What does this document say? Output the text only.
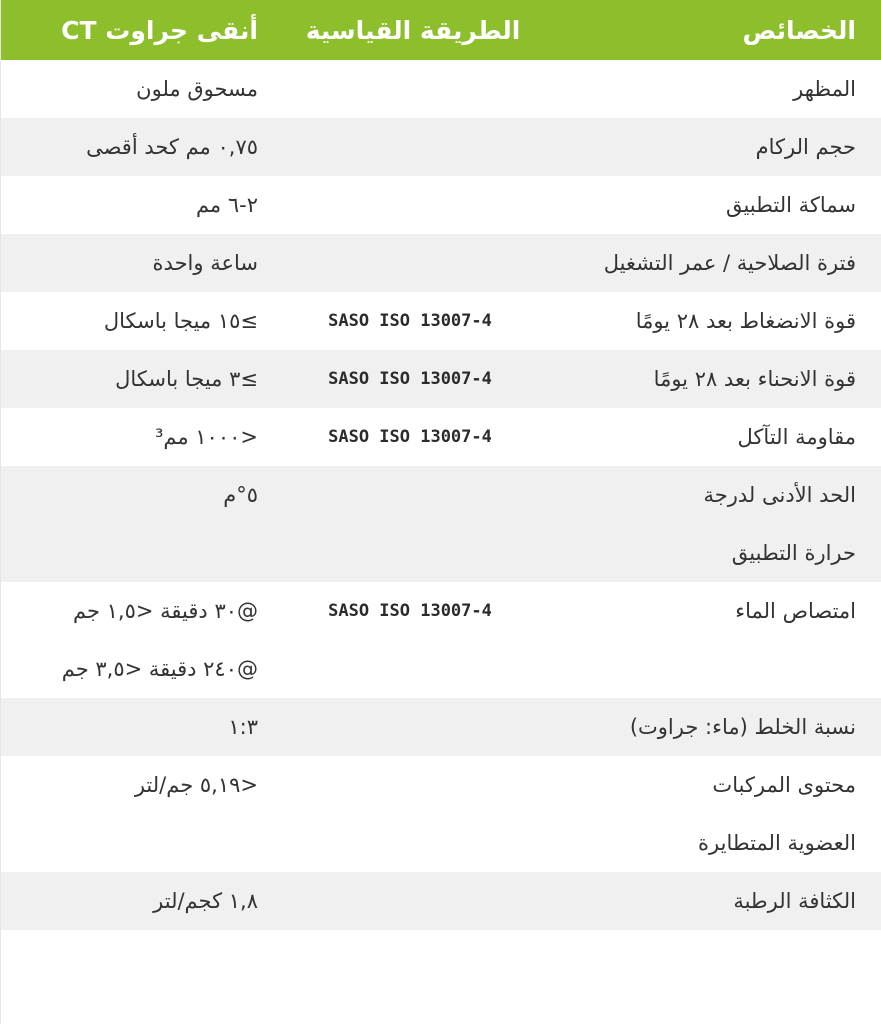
الخصائص	الطريقة القياسية	أنقى جراوت CT

المظهر		مسحوق ملون

حجم الركام		٠,٧٥ مم كحد أقصى

سماكة التطبيق		٢-٦ مم

فترة الصلاحية / عمر التشغيل		ساعة واحدة

قوة الانضغاط بعد ٢٨ يومًا	SASO ISO 13007-4	≥١٥ ميجا باسكال

قوة الانحناء بعد ٢٨ يومًا	SASO ISO 13007-4	≥٣ ميجا باسكال

مقاومة التآكل	SASO ISO 13007-4	<١٠٠٠ مم³

الحد الأدنى لدرجة
حرارة التطبيق		٥°م

امتصاص الماء	SASO ISO 13007-4	@٣٠ دقيقة <١,٥ جم
@٢٤٠ دقيقة <٣,٥ جم

نسبة الخلط (ماء: جراوت)		١:٣

محتوى المركبات
العضوية المتطايرة		<٥,١٩ جم/لتر

الكثافة الرطبة		١,٨ كجم/لتر
